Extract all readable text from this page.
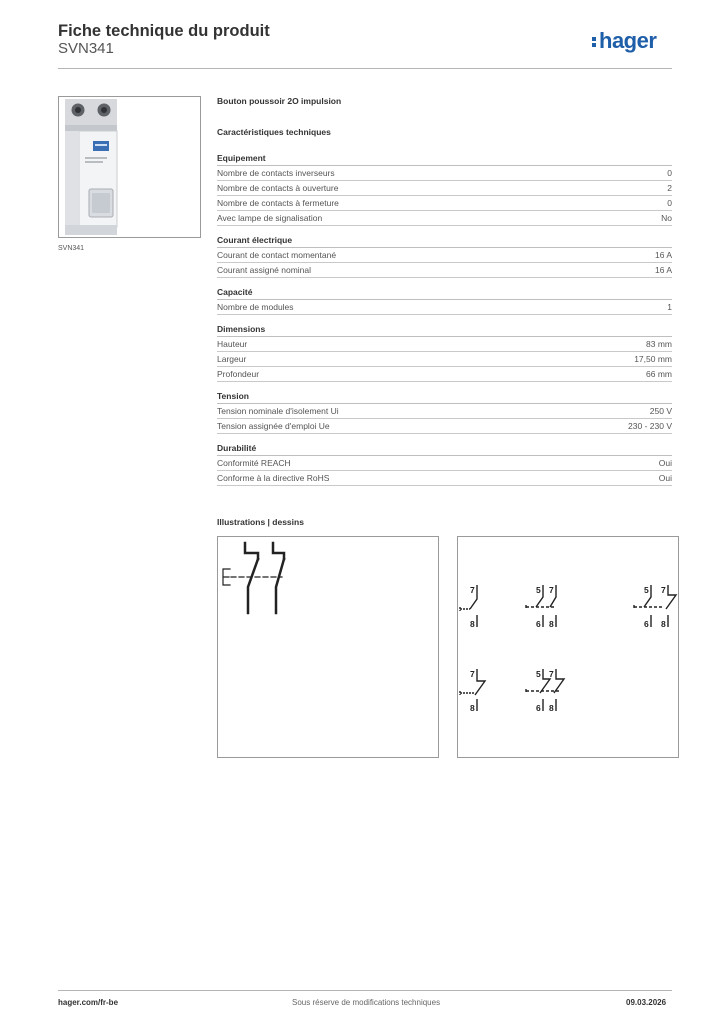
Fiche technique du produit
SVN341	hager
SVN341
Bouton poussoir 2O impulsion
Caractéristiques techniques
Equipement
Nombre de contacts inverseurs	0
Nombre de contacts à ouverture	2
Nombre de contacts à fermeture	0
Avec lampe de signalisation	No
Courant électrique
Courant de contact momentané	16 A
Courant assigné nominal	16 A
Capacité
Nombre de modules	1
Dimensions
Hauteur	83 mm
Largeur	17,50 mm
Profondeur	66 mm
Tension
Tension nominale d'isolement Ui	250 V
Tension assignée d'emploi Ue	230 - 230 V
Durabilité
Conformité REACH	Oui
Conforme à la directive RoHS	Oui
Illustrations | dessins
7
8
5
6
7
8
5
6
7
8
7
8
5
6
7
8
hager.com/fr-be	Sous réserve de modifications techniques	09.03.2026
